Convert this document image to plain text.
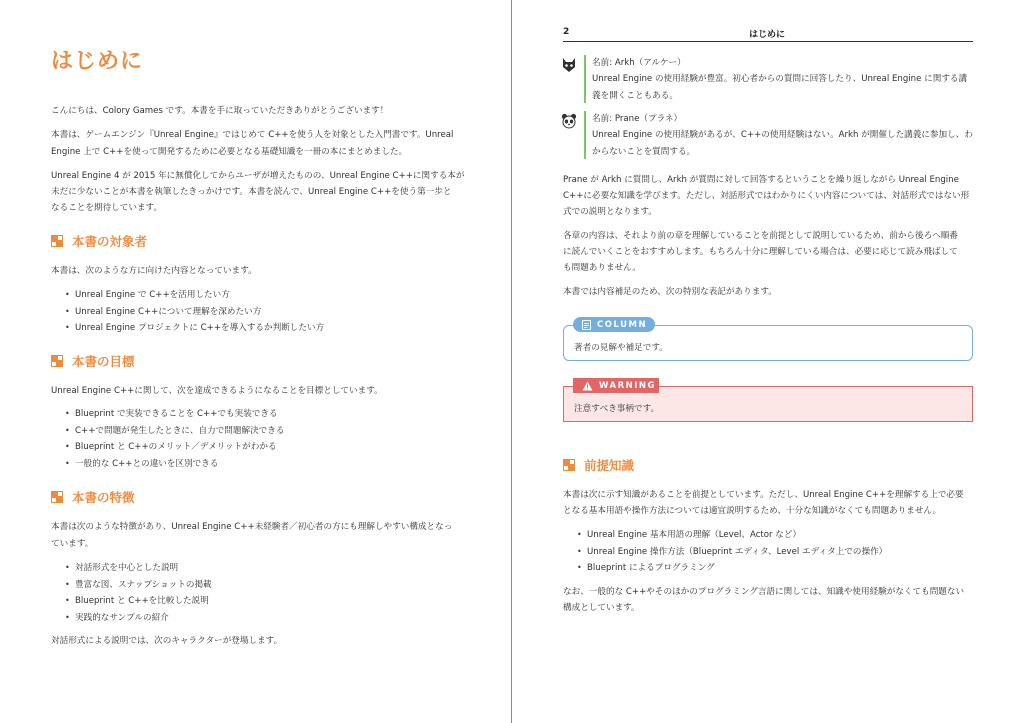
はじめに
こんにちは、Colory Games です。本書を手に取っていただきありがとうございます！
本書は、ゲームエンジン『Unreal Engine』ではじめて C++を使う人を対象とした入門書です。Unreal
Engine 上で C++を使って開発するために必要となる基礎知識を一冊の本にまとめました。
Unreal Engine 4 が 2015 年に無償化してからユーザが増えたものの、Unreal Engine C++に関する本が
未だに少ないことが本書を執筆したきっかけです。本書を読んで、Unreal Engine C++を使う第一歩と
なることを期待しています。
本書の対象者
本書は、次のような方に向けた内容となっています。
• Unreal Engine で C++を活用したい方
• Unreal Engine C++について理解を深めたい方
• Unreal Engine プロジェクトに C++を導入するか判断したい方
本書の目標
Unreal Engine C++に関して、次を達成できるようになることを目標としています。
• Blueprint で実装できることを C++でも実装できる
• C++で問題が発生したときに、自力で問題解決できる
• Blueprint と C++のメリット／デメリットがわかる
• 一般的な C++との違いを区別できる
本書の特徴
本書は次のような特徴があり、Unreal Engine C++未経験者／初心者の方にも理解しやすい構成となっ
ています。
• 対話形式を中心とした説明
• 豊富な図、スナップショットの掲載
• Blueprint と C++を比較した説明
• 実践的なサンプルの紹介
対話形式による説明では、次のキャラクターが登場します。
2	はじめに
名前: Arkh（アルケー）
Unreal Engine の使用経験が豊富。初心者からの質問に回答したり、Unreal Engine に関する講
義を開くこともある。
名前: Prane（プラネ）
Unreal Engine の使用経験があるが、C++の使用経験はない。Arkh が開催した講義に参加し、わ
からないことを質問する。
Prane が Arkh に質問し、Arkh が質問に対して回答するということを繰り返しながら Unreal Engine
C++に必要な知識を学びます。ただし、対話形式ではわかりにくい内容については、対話形式ではない形
式での説明となります。
各章の内容は、それより前の章を理解していることを前提として説明しているため、前から後ろへ順番
に読んでいくことをおすすめします。もちろん十分に理解している場合は、必要に応じて読み飛ばして
も問題ありません。
本書では内容補足のため、次の特別な表記があります。
著者の見解や補足です。
COLUMN
注意すべき事柄です。
WARNING
前提知識
本書は次に示す知識があることを前提としています。ただし、Unreal Engine C++を理解する上で必要
となる基本用語や操作方法については適宜説明するため、十分な知識がなくても問題ありません。
• Unreal Engine 基本用語の理解（Level、Actor など）
• Unreal Engine 操作方法（Blueprint エディタ、Level エディタ上での操作）
• Blueprint によるプログラミング
なお、一般的な C++やそのほかのプログラミング言語に関しては、知識や使用経験がなくても問題ない
構成としています。
